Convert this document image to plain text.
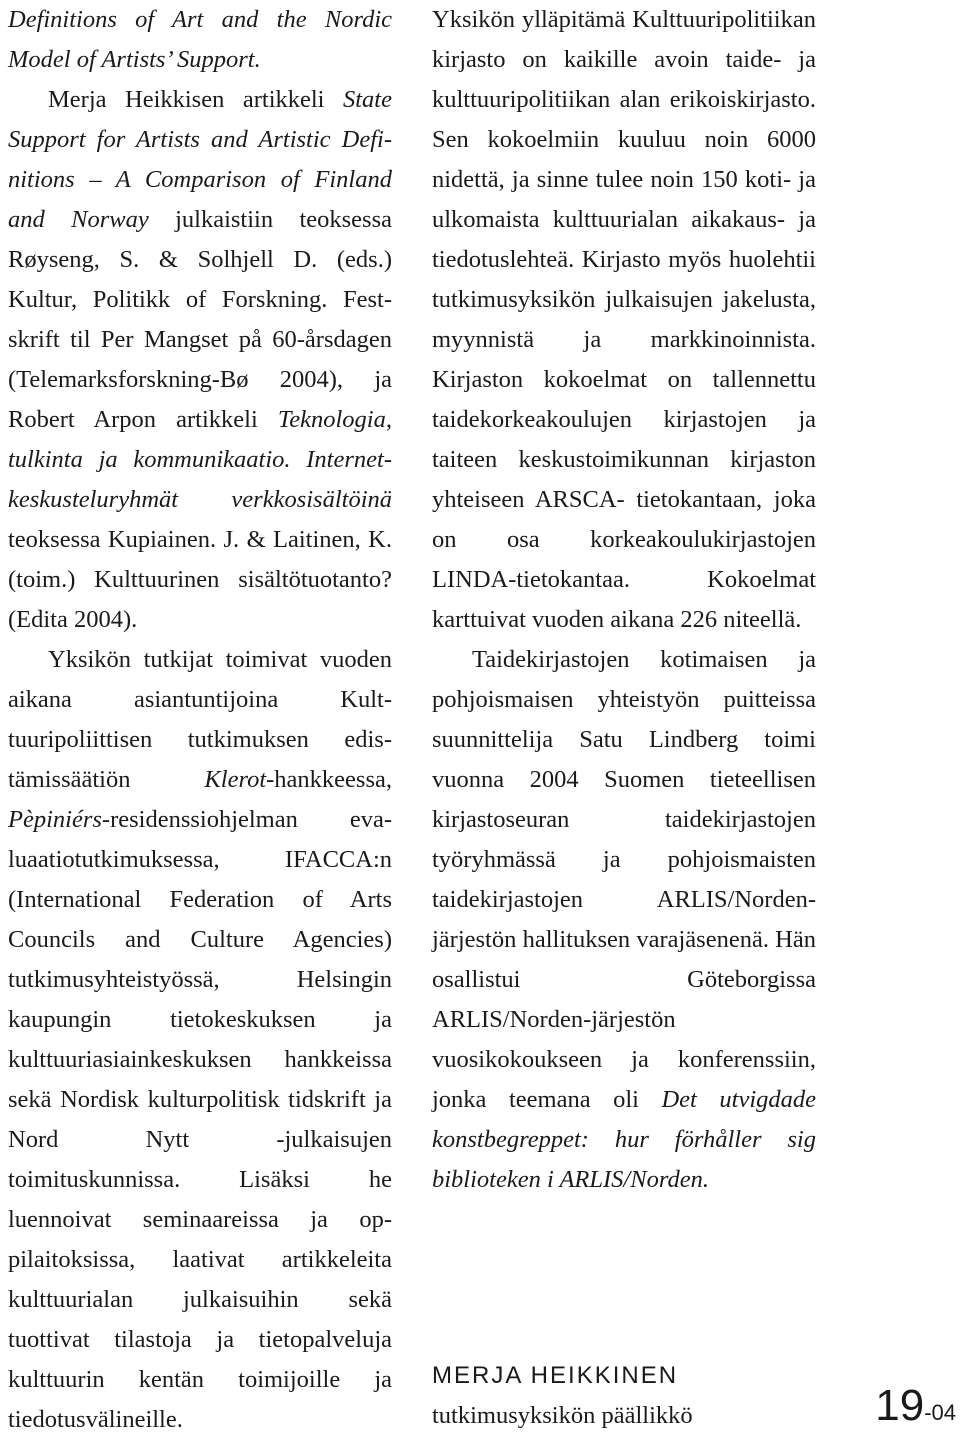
Definitions of Art and the Nordic Model of Artists’ Support.

Merja Heikkisen artikkeli State Support for Artists and Artistic Definitions – A Comparison of Finland and Norway julkaistiin teoksessa Røyseng, S. & Solhjell D. (eds.) Kultur, Politikk of Forskning. Festskrift til Per Mangset på 60-årsdagen (Telemarksforskning-Bø 2004), ja Robert Arpon artikkeli Teknologia, tulkinta ja kommunikaatio. Internet-keskusteluryhmät verkkosisältöinä teoksessa Kupiainen. J. & Laitinen, K. (toim.) Kulttuurinen sisältötuotanto? (Edita 2004).

Yksikön tutkijat toimivat vuoden aikana asiantuntijoina Kulttuuripoliittisen tutkimuksen edistämissäätiön Klerot-hankkeessa, Pèpiniérs-residenssiohjelman evaluaatiotutkimuksessa, IFACCA:n (International Federation of Arts Councils and Culture Agencies) tutkimusyhteistyössä, Helsingin kaupungin tietokeskuksen ja kulttuuriasiainkeskuksen hankkeissa sekä Nordisk kulturpolitisk tidskrift ja Nord Nytt -julkaisujen toimituskunnissa. Lisäksi he luennoivat seminaareissa ja oppilaitoksissa, laativat artikkeleita kulttuurialan julkaisuihin sekä tuottivat tilastoja ja tietopalveluja kulttuurin kentän toimijoille ja tiedotusvälineille.

Yksikön ylläpitämä Kulttuuripolitiikan kirjasto on kaikille avoin taide- ja kulttuuripolitiikan alan erikoiskirjasto. Sen kokoelmiin kuuluu noin 6000 nidettä, ja sinne tulee noin 150 koti- ja ulkomaista kulttuurialan aikakaus- ja tiedotuslehteä. Kirjasto myös huolehtii tutkimusyksikön julkaisujen jakelusta, myynnistä ja markkinoinnista. Kirjaston kokoelmat on tallennettu taidekorkeakoulujen kirjastojen ja taiteen keskustoimikunnan kirjaston yhteiseen ARSCA- tietokantaan, joka on osa korkeakoulukirjastojen LINDA-tietokantaa. Kokoelmat karttuivat vuoden aikana 226 niteellä.

Taidekirjastojen kotimaisen ja pohjoismaisen yhteistyön puitteissa suunnittelija Satu Lindberg toimi vuonna 2004 Suomen tieteellisen kirjastoseuran taidekirjastojen työryhmässä ja pohjoismaisten taidekirjastojen ARLIS/Norden-järjestön hallituksen varajäsenenä. Hän osallistui Göteborgissa ARLIS/Norden-järjestön vuosikokoukseen ja konferenssiin, jonka teemana oli Det utvigdade konstbegreppet: hur förhåller sig biblioteken i ARLIS/Norden.

MERJA HEIKKINEN
tutkimusyksikön päällikkö	19-04
